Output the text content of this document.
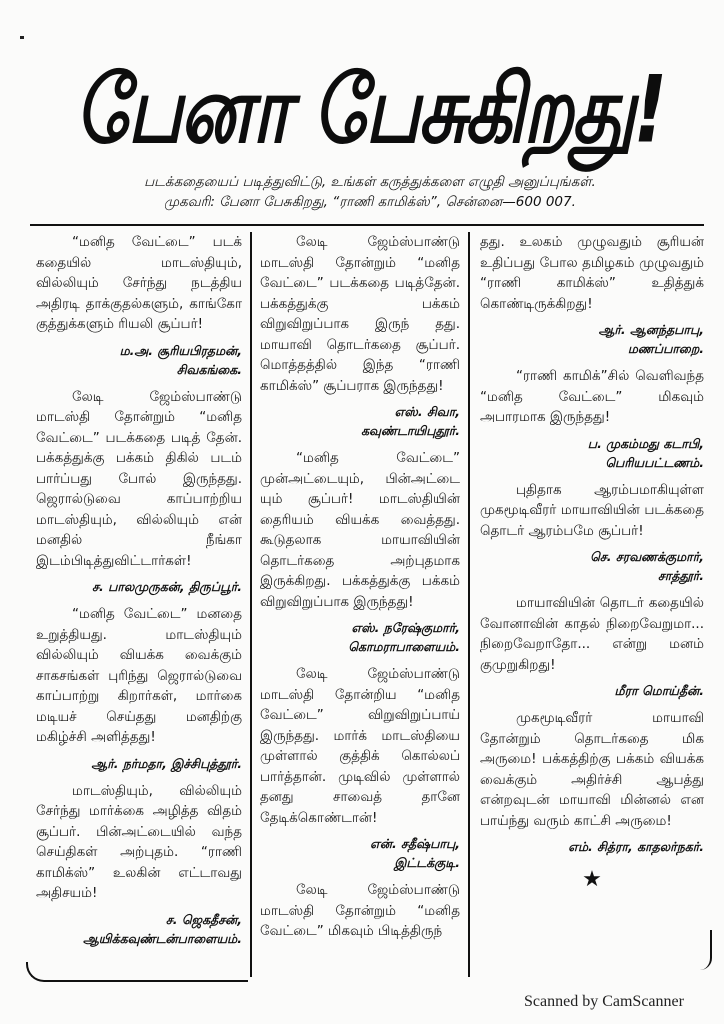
பேனா பேசுகிறது!
படக்கதையைப் படித்துவிட்டு, உங்கள் கருத்துக்களை எழுதி அனுப்புங்கள்.
முகவரி: பேனா பேசுகிறது, “ராணி காமிக்ஸ்”, சென்னை—600 007.

“மனித வேட்டை” படக் கதையில் மாடஸ்தியும், வில்லியும் சேர்ந்து நடத்திய அதிரடி தாக்குதல்களும், காங்கோ குத்துக்களும் ரியலி சூப்பர்!

ம.அ. சூரியபிரதமன்,
சிவகங்கை.

லேடி ஜேம்ஸ்பாண்டு மாடஸ்தி தோன்றும் “மனித வேட்டை” படக்கதை படித் தேன். பக்கத்துக்கு பக்கம் திகில் படம் பார்ப்பது போல் இருந்தது. ஜெரால்டுவை காப்பாற்றிய மாடஸ்தியும், வில்லியும் என் மனதில் நீங்கா இடம்பிடித்துவிட்டார்கள்!

ச. பாலமுருகன், திருப்பூர்.

“மனித வேட்டை” மனதை உறுத்தியது. மாடஸ்தியும் வில்லியும் வியக்க வைக்கும் சாகசங்கள் புரிந்து ஜெரால்டுவை காப்பாற்று கிறார்கள், மார்கை மடியச் செய்தது மனதிற்கு மகிழ்ச்சி அளித்தது!

ஆர். நர்மதா, இச்சிபுத்தூர்.

மாடஸ்தியும், வில்லியும் சேர்ந்து மார்க்கை அழித்த விதம் சூப்பர். பின்அட்டையில் வந்த செய்திகள் அற்புதம். “ராணி காமிக்ஸ்” உலகின் எட்டாவது அதிசயம்!

ச. ஜெகதீசன்,
ஆயிக்கவுண்டன்பாளையம்.

லேடி ஜேம்ஸ்பாண்டு மாடஸ்தி தோன்றும் “மனித வேட்டை” படக்கதை படித்தேன். பக்கத்துக்கு பக்கம் விறுவிறுப்பாக இருந் தது. மாயாவி தொடர்கதை சூப்பர். மொத்தத்தில் இந்த “ராணி காமிக்ஸ்” சூப்பராக இருந்தது!

எஸ். சிவா,
கவுண்டாயிபுதூர்.

“மனித வேட்டை” முன்அட்டையும், பின்அட்டை யும் சூப்பர்! மாடஸ்தியின் தைரியம் வியக்க வைத்தது. கூடுதலாக மாயாவியின் தொடர்கதை அற்புதமாக இருக்கிறது. பக்கத்துக்கு பக்கம் விறுவிறுப்பாக இருந்தது!

எஸ். நரேஷ்குமார்,
கொமராபாளையம்.

லேடி ஜேம்ஸ்பாண்டு மாடஸ்தி தோன்றிய “மனித வேட்டை” விறுவிறுப்பாய் இருந்தது. மார்க் மாடஸ்தியை முள்ளால் குத்திக் கொல்லப் பார்த்தான். முடிவில் முள்ளால் தனது சாவைத் தானே தேடிக்கொண்டான்!

என். சதீஷ்பாபு,
இட்டக்குடி.

லேடி ஜேம்ஸ்பாண்டு மாடஸ்தி தோன்றும் “மனித வேட்டை” மிகவும் பிடித்திருந்

தது. உலகம் முழுவதும் சூரியன் உதிப்பது போல தமிழகம் முழுவதும் “ராணி காமிக்ஸ்” உதித்துக் கொண்டிருக்கிறது!

ஆர். ஆனந்தபாபு,
மணப்பாறை.

“ராணி காமிக்”சில் வெளிவந்த “மனித வேட்டை” மிகவும் அபாரமாக இருந்தது!

ப. முகம்மது கடாபி,
பெரியபட்டணம்.

புதிதாக ஆரம்பமாகியுள்ள முகமூடிவீரர் மாயாவியின் படக்கதை தொடர் ஆரம்பமே சூப்பர்!

செ. சரவணக்குமார்,
சாத்தூர்.

மாயாவியின் தொடர் கதையில் வோனாவின் காதல் நிறைவேறுமா... நிறைவேறாதோ... என்று மனம் குமுறுகிறது!

மீரா மொய்தீன்.

முகமூடிவீரர் மாயாவி தோன்றும் தொடர்கதை மிக அருமை! பக்கத்திற்கு பக்கம் வியக்க வைக்கும் அதிர்ச்சி ஆபத்து என்றவுடன் மாயாவி மின்னல் என பாய்ந்து வரும் காட்சி அருமை!

எம். சித்ரா, காதலர்நகர்.
★
Scanned by CamScanner
